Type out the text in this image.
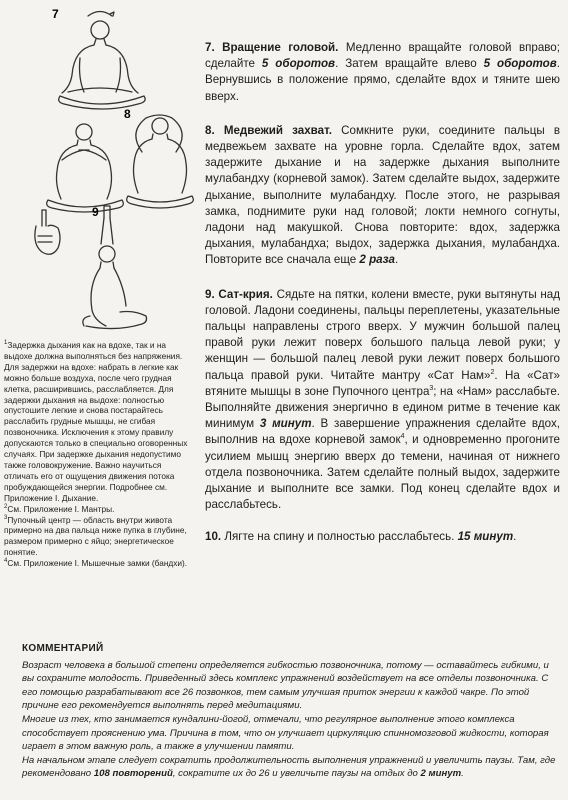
7
8
9

7. Вращение головой. Медленно вращайте головой вправо; сделайте 5 оборотов. Затем вращайте влево 5 оборотов. Вернувшись в положение прямо, сделайте вдох и тяните шею вверх.

8. Медвежий захват. Сомкните руки, соедините пальцы в медвежьем захвате на уровне горла. Сделайте вдох, затем задержите дыхание и на задержке дыхания выполните мулабандху (корневой замок). Затем сделайте выдох, задержите дыхание, выполните мулабандху. После этого, не разрывая замка, поднимите руки над головой; локти немного согнуты, ладони над макушкой. Снова повторите: вдох, задержка дыхания, мулабандха; выдох, задержка дыхания, мулабандха. Повторите все сначала еще 2 раза.

9. Сат-крия. Сядьте на пятки, колени вместе, руки вытянуты над головой. Ладони соединены, пальцы переплетены, указательные пальцы направлены строго вверх. У мужчин большой палец правой руки лежит поверх большого пальца левой руки; у женщин — большой палец левой руки лежит поверх большого пальца правой руки. Читайте мантру «Сат Нам»$^2$. На «Сат» втяните мышцы в зоне Пупочного центра$^3$; на «Нам» расслабьте. Выполняйте движения энергично в едином ритме в течение как минимум 3 минут. В завершение упражнения сделайте вдох, выполнив на вдохе корневой замок$^4$, и одновременно прогоните усилием мышц энергию вверх до темени, начиная от нижнего отдела позвоночника. Затем сделайте полный выдох, задержите дыхание и выполните все замки. Под конец сделайте вдох и расслабьтесь.

10. Лягте на спину и полностью расслабьтесь. 15 минут.

$^1$Задержка дыхания как на вдохе, так и на выдохе должна выполняться без напряжения. Для задержки на вдохе: набрать в легкие как можно больше воздуха, после чего грудная клетка, расширившись, расслабляется. Для задержки дыхания на выдохе: полностью опустошите легкие и снова постарайтесь расслабить грудные мышцы, не сгибая позвоночника. Исключения к этому правилу допускаются только в специально оговоренных случаях. При задержке дыхания недопустимо также головокружение. Важно научиться отличать его от ощущения движения потока пробуждающейся энергии. Подробнее см. Приложение I. Дыхание.

$^2$См. Приложение I. Мантры.

$^3$Пупочный центр — область внутри живота примерно на два пальца ниже пупка в глубине, размером примерно с яйцо; энергетическое понятие.

$^4$См. Приложение I. Мышечные замки (бандхи).

КОММЕНТАРИЙ

Возраст человека в большой степени определяется гибкостью позвоночника, потому — оставайтесь гибкими, и вы сохраните молодость. Приведенный здесь комплекс упражнений воздействует на все отделы позвоночника. С его помощью разрабатывают все 26 позвонков, тем самым улучшая приток энергии к каждой чакре. По этой причине его рекомендуется выполнять перед медитациями.

Многие из тех, кто занимается кундалини-йогой, отмечали, что регулярное выполнение этого комплекса способствует прояснению ума. Причина в том, что он улучшает циркуляцию спинномозговой жидкости, которая играет в этом важную роль, а также в улучшении памяти.

На начальном этапе следует сократить продолжительность выполнения упражнений и увеличить паузы. Там, где рекомендовано 108 повторений, сократите их до 26 и увеличьте паузы на отдых до 2 минут.
